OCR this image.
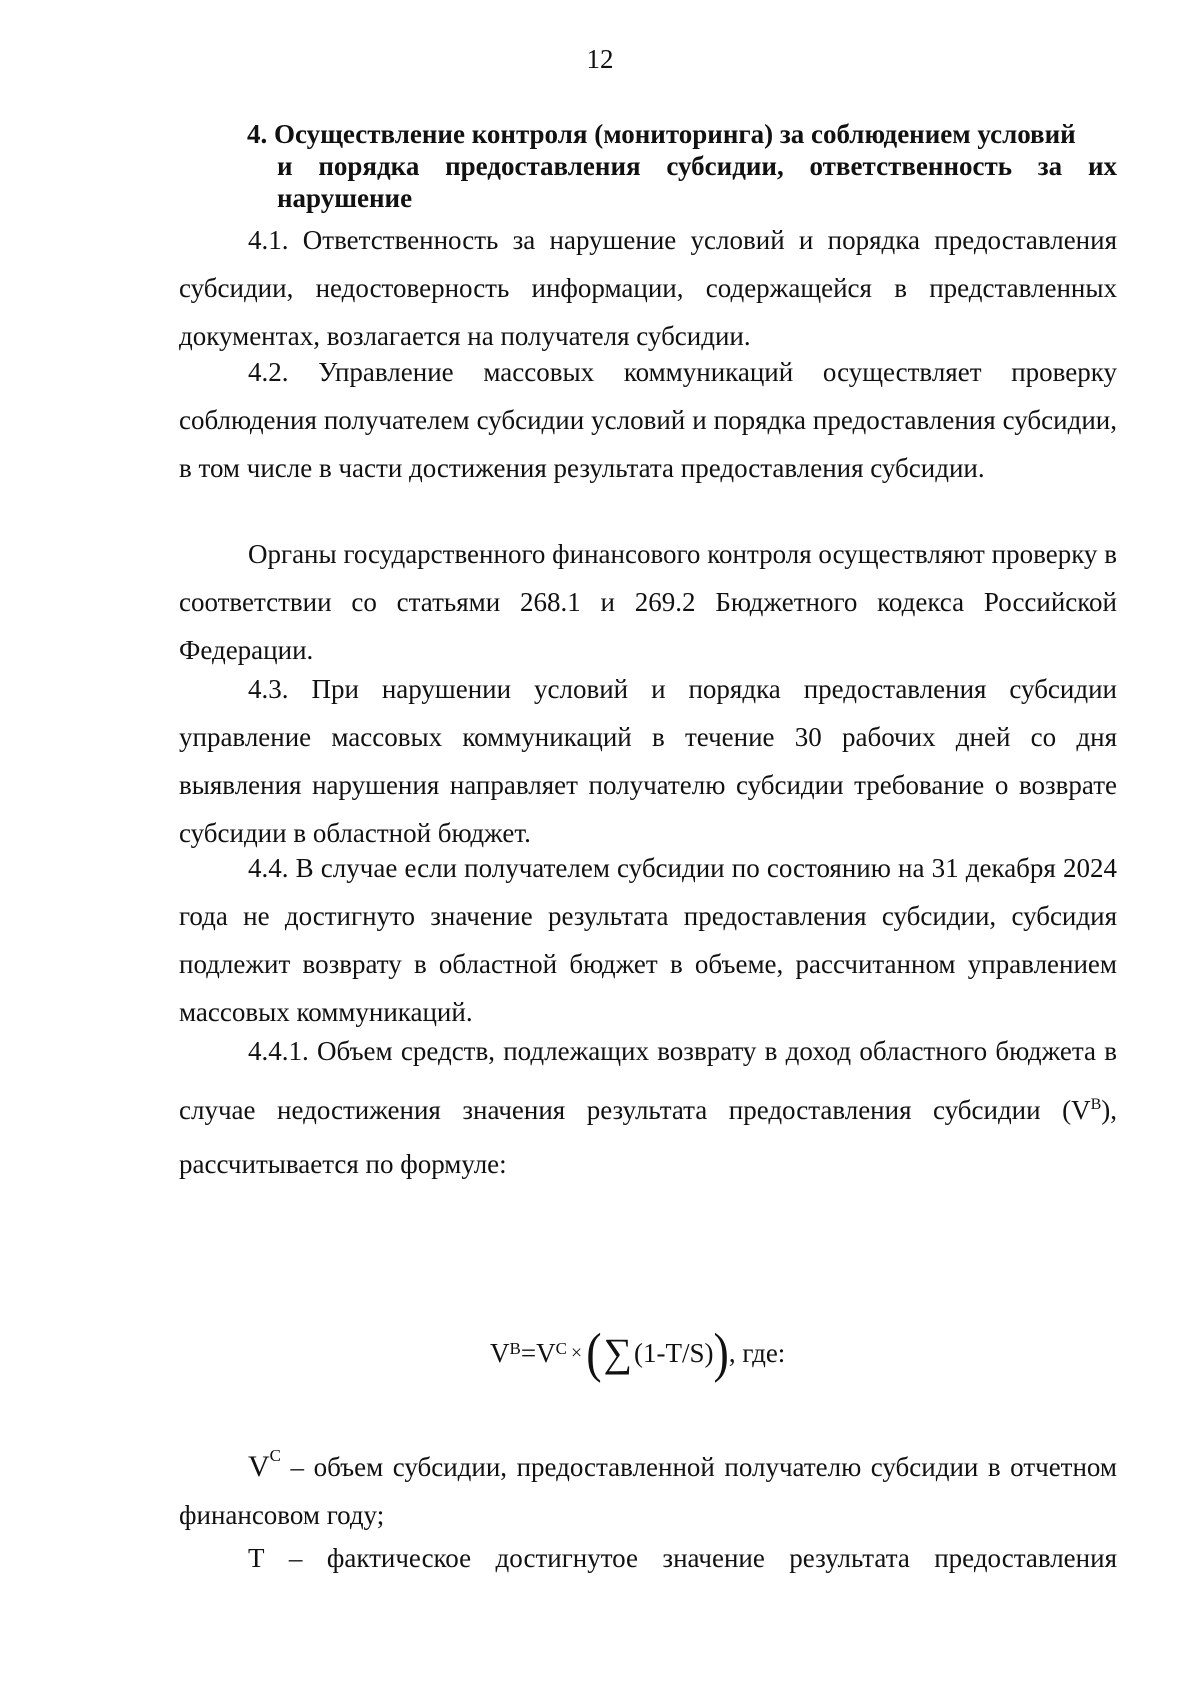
12
4. Осуществление контроля (мониторинга) за соблюдением условий
и порядка предоставления субсидии, ответственность за их
нарушение

4.1. Ответственность за нарушение условий и порядка предоставления субсидии, недостоверность информации, содержащейся в представленных документах, возлагается на получателя субсидии.

4.2. Управление массовых коммуникаций осуществляет проверку соблюдения получателем субсидии условий и порядка предоставления субсидии, в том числе в части достижения результата предоставления субсидии.

Органы государственного финансового контроля осуществляют проверку в соответствии со статьями 268.1 и 269.2 Бюджетного кодекса Российской Федерации.

4.3. При нарушении условий и порядка предоставления субсидии управление массовых коммуникаций в течение 30 рабочих дней со дня выявления нарушения направляет получателю субсидии требование о возврате субсидии в областной бюджет.

4.4. В случае если получателем субсидии по состоянию на 31 декабря 2024 года не достигнуто значение результата предоставления субсидии, субсидия подлежит возврату в областной бюджет в объеме, рассчитанном управлением массовых коммуникаций.

4.4.1. Объем средств, подлежащих возврату в доход областного бюджета в случае недостижения значения результата предоставления субсидии $(V^В)$, рассчитывается по формуле:

$V^В = V^С$ × ( ∑ (1-T/S) ) , где:

$V^С$ – объем субсидии, предоставленной получателю субсидии в отчетном финансовом году;

Т – фактическое достигнутое значение результата предоставления
